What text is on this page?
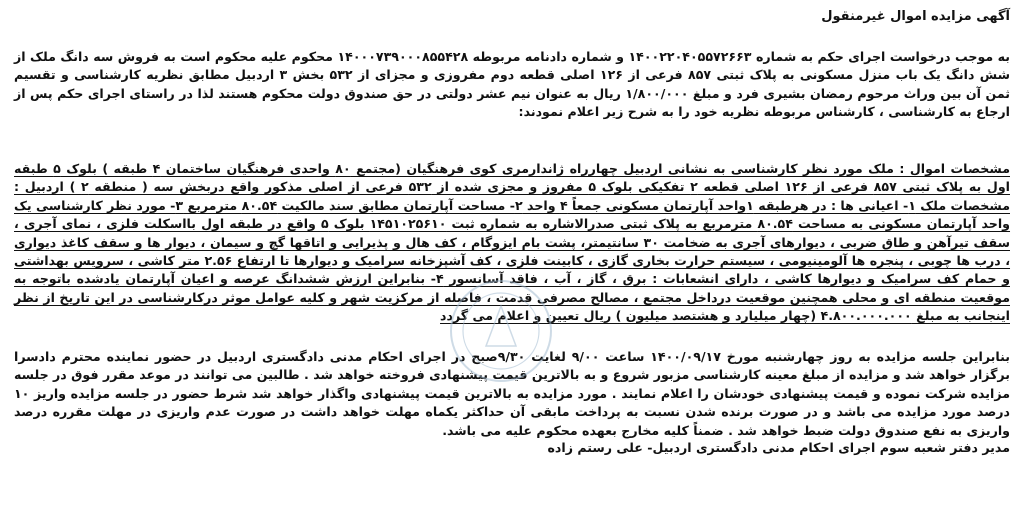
آگهی مزایده اموال غیرمنقول

به موجب درخواست اجرای حکم به شماره ۱۴۰۰۲۲۰۴۰۵۵۷۲۶۶۳ و شماره دادنامه مربوطه ۱۴۰۰۰۷۳۹۰۰۰۸۵۵۴۲۸ محکوم علیه محکوم است به فروش سه دانگ ملک از شش دانگ یک باب منزل مسکونی به پلاک ثبتی ۸۵۷ فرعی از ۱۲۶ اصلی قطعه دوم مفروزی و مجزای از ۵۳۲ بخش ۳ اردبیل مطابق نظریه کارشناسی و تقسیم ثمن آن بین وراث مرحوم رمضان بشیری فرد و مبلغ ۱/۸۰۰/۰۰۰ ریال به عنوان نیم عشر دولتی در حق صندوق دولت محکوم هستند لذا در راستای اجرای حکم پس از ارجاع به کارشناسی ، کارشناس مربوطه نظریه خود را به شرح زیر اعلام نمودند:

مشخصات اموال : ملک مورد نظر کارشناسی به نشانی اردبیل چهارراه ژاندارمری کوی فرهنگیان (مجتمع ۸۰ واحدی فرهنگیان ساختمان ۴ طبقه ) بلوک ۵ طبقه اول به پلاک ثبتی ۸۵۷ فرعی از ۱۲۶ اصلی قطعه ۲ تفکیکی بلوک ۵ مفروز و مجزی شده از ۵۳۲ فرعی از اصلی مذکور واقع دربخش سه ( منطقه ۲ ) اردبیل : مشخصات ملک ۱- اعیانی ها : در هرطبقه ۱واحد آپارتمان مسکونی جمعاً ۴ واحد ۲- مساحت آپارتمان مطابق سند مالکیت ۸۰.۵۴ مترمربع ۳- مورد نظر کارشناسی یک واحد آپارتمان مسکونی به مساحت ۸۰.۵۴ مترمربع به پلاک ثبتی صدرالاشاره به شماره ثبت ۱۴۵۱۰۲۵۶۱۰ بلوک ۵ واقع در طبقه اول بااسکلت فلزی ، نمای آجری ، سقف تیرآهن و طاق ضربی ، دیوارهای آجری به ضخامت ۳۰ سانتیمتر، پشت بام ایزوگام ، کف هال و پذیرایی و اتاقها گچ و سیمان ، دیوار ها و سقف کاغذ دیواری ، درب ها چوبی ، پنجره ها آلومینیومی ، سیستم حرارت بخاری گازی ، کابینت فلزی ، کف آشپزخانه سرامیک و دیوارها تا ارتفاع ۲.۵۶ متر کاشی ، سرویس بهداشتی و حمام کف سرامیک و دیوارها کاشی ، دارای انشعابات : برق ، گاز ، آب ، فاقد آسانسور ۴- بنابراین ارزش ششدانگ عرصه و اعیان آپارتمان یادشده باتوجه به موقعیت منطقه ای و محلی همچنین موقعیت درداخل مجتمع ، مصالح مصرفی قدمت ، فاصله از مرکزیت شهر و کلیه عوامل موثر درکارشناسی در این تاریخ از نظر اینجانب به مبلغ ۴.۸۰۰.۰۰۰.۰۰۰ (چهار میلیارد و هشتصد میلیون ) ریال تعیین و اعلام می گردد

بنابراین جلسه مزایده به روز چهارشنبه مورخ ۱۴۰۰/۰۹/۱۷ ساعت ۹/۰۰ لغایت ۹/۳۰صبح در اجرای احکام مدنی دادگستری اردبیل در حضور نماینده محترم دادسرا برگزار خواهد شد و مزایده از مبلغ معینه کارشناسی مزبور شروع و به بالاترین قیمت پیشنهادی فروخته خواهد شد . طالبین می توانند در موعد مقرر فوق در جلسه مزایده شرکت نموده و قیمت پیشنهادی خودشان را اعلام نمایند . مورد مزایده به بالاترین قیمت پیشنهادی واگذار خواهد شد شرط حضور در جلسه مزایده واریز ۱۰ درصد مورد مزایده می باشد و در صورت برنده شدن نسبت به پرداخت مابقی آن حداکثر یکماه مهلت خواهد داشت در صورت عدم واریزی در مهلت مقرره درصد واریزی به نفع صندوق دولت ضبط خواهد شد . ضمناً کلیه مخارج بعهده محکوم علیه می باشد.

مدیر دفتر شعبه سوم اجرای احکام مدنی دادگستری اردبیل- علی رستم زاده
